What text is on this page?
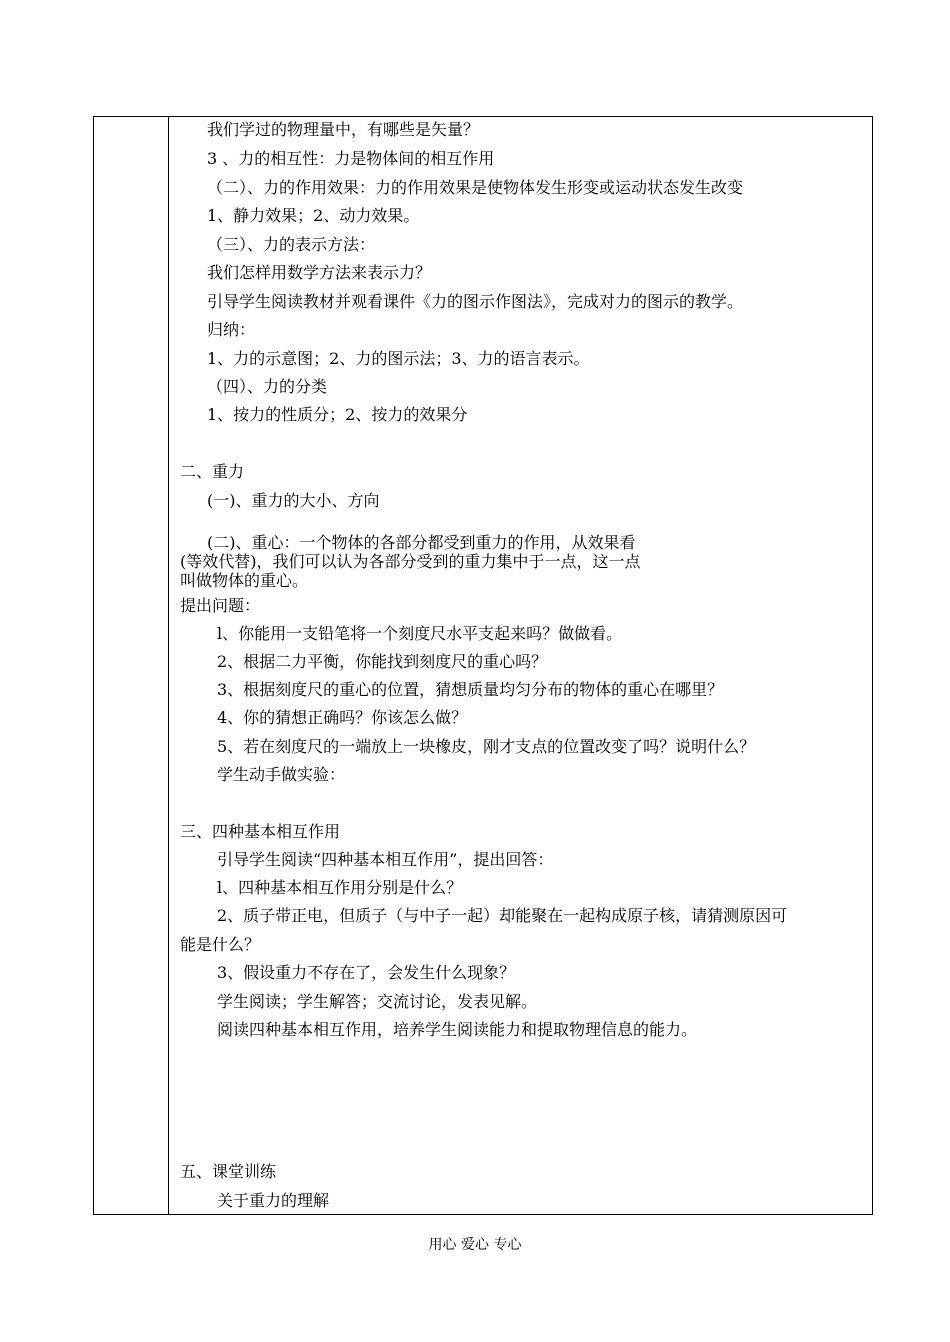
我们学过的物理量中，有哪些是矢量？
3 、力的相互性：力是物体间的相互作用
（二）、力的作用效果：力的作用效果是使物体发生形变或运动状态发生改变
1、静力效果；2、动力效果。
（三）、力的表示方法：
我们怎样用数学方法来表示力？
引导学生阅读教材并观看课件《力的图示作图法》，完成对力的图示的教学。
归纳：
1、力的示意图；2、力的图示法；3、力的语言表示。
（四）、力的分类
1、按力的性质分；2、按力的效果分
二、重力
(一)、重力的大小、方向
(二)、重心：一个物体的各部分都受到重力的作用，从效果看
(等效代替)，我们可以认为各部分受到的重力集中于一点，这一点
叫做物体的重心。
提出问题：
l、你能用一支铅笔将一个刻度尺水平支起来吗？做做看。
2、根据二力平衡，你能找到刻度尺的重心吗？
3、根据刻度尺的重心的位置，猜想质量均匀分布的物体的重心在哪里？
4、你的猜想正确吗？你该怎么做？
5、若在刻度尺的一端放上一块橡皮，刚才支点的位置改变了吗？说明什么？
学生动手做实验：
三、四种基本相互作用
引导学生阅读“四种基本相互作用”，提出回答：
l、四种基本相互作用分别是什么？
2、质子带正电，但质子（与中子一起）却能聚在一起构成原子核，请猜测原因可
能是什么？
3、假设重力不存在了，会发生什么现象？
学生阅读；学生解答；交流讨论，发表见解。
阅读四种基本相互作用，培养学生阅读能力和提取物理信息的能力。
五、课堂训练
关于重力的理解
用心 爱心 专心
